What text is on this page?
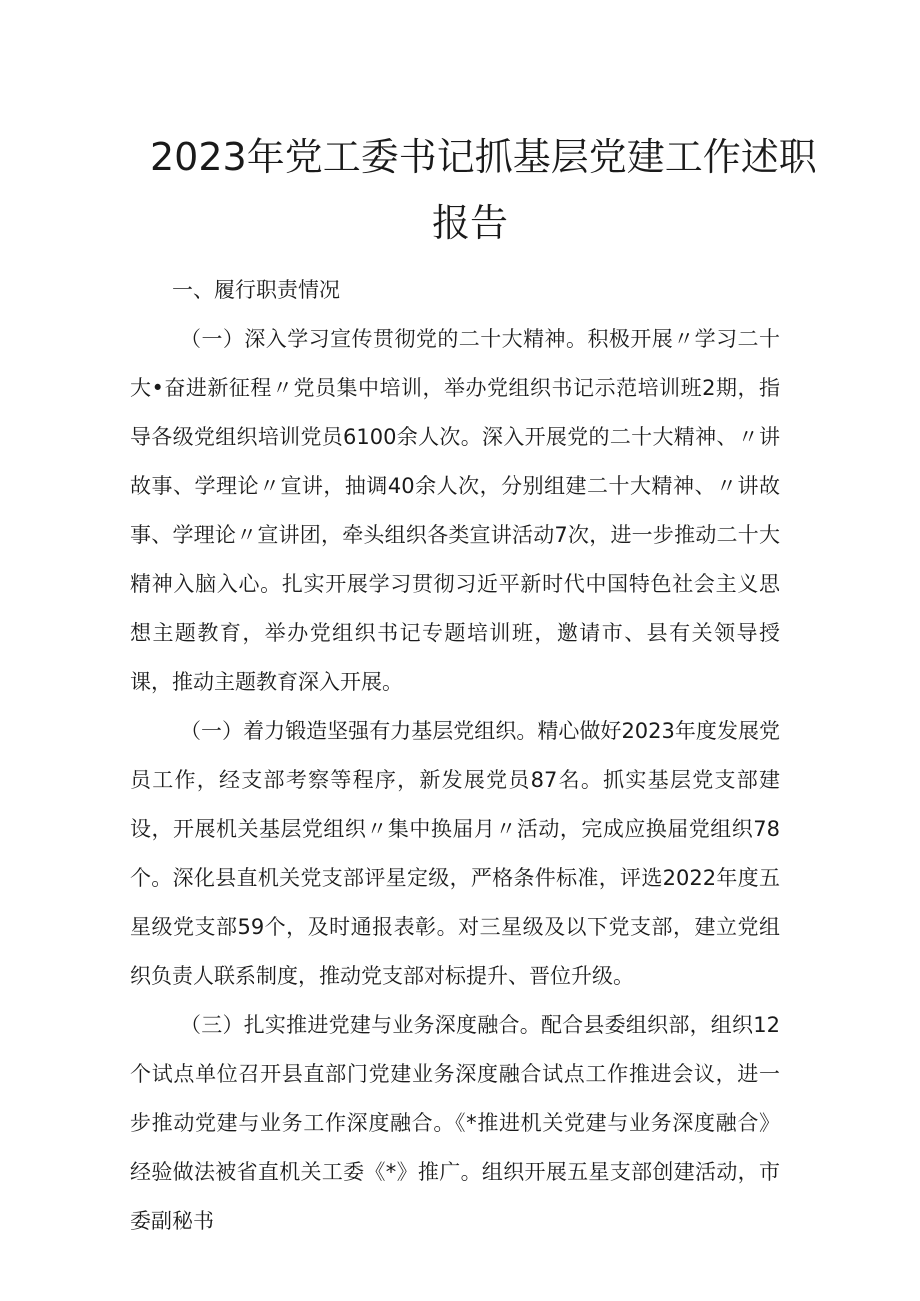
2023年党工委书记抓基层党建工作述职
报告

一、履行职责情况

（一）深入学习宣传贯彻党的二十大精神。积极开展〃学习二十大•奋进新征程〃党员集中培训，举办党组织书记示范培训班2期，指导各级党组织培训党员6100余人次。深入开展党的二十大精神、〃讲故事、学理论〃宣讲，抽调40余人次，分别组建二十大精神、〃讲故事、学理论〃宣讲团，牵头组织各类宣讲活动7次，进一步推动二十大精神入脑入心。扎实开展学习贯彻习近平新时代中国特色社会主义思想主题教育，举办党组织书记专题培训班，邀请市、县有关领导授课，推动主题教育深入开展。

（一）着力锻造坚强有力基层党组织。精心做好2023年度发展党员工作，经支部考察等程序，新发展党员87名。抓实基层党支部建设，开展机关基层党组织〃集中换届月〃活动，完成应换届党组织78个。深化县直机关党支部评星定级，严格条件标准，评选2022年度五星级党支部59个，及时通报表彰。对三星级及以下党支部，建立党组织负责人联系制度，推动党支部对标提升、晋位升级。

（三）扎实推进党建与业务深度融合。配合县委组织部，组织12个试点单位召开县直部门党建业务深度融合试点工作推进会议，进一步推动党建与业务工作深度融合。《*推进机关党建与业务深度融合》经验做法被省直机关工委《*》推广。组织开展五星支部创建活动，市委副秘书
